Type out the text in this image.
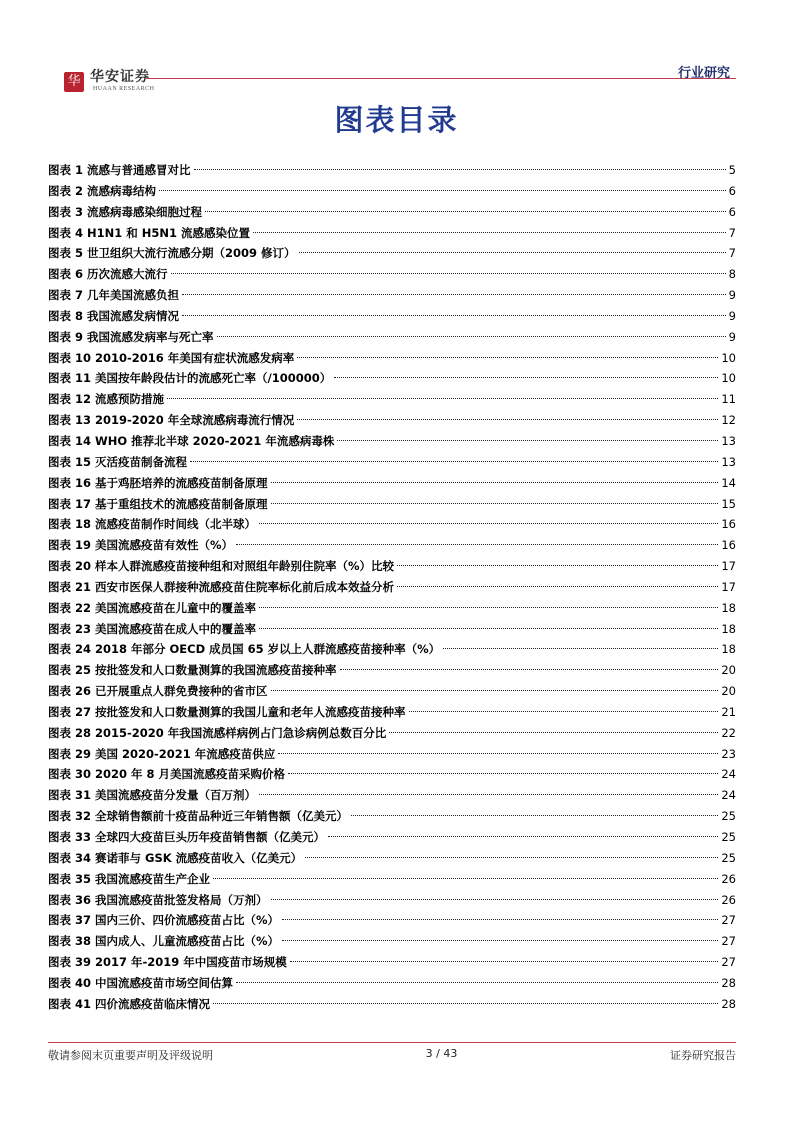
华安
华安证券
HUAAN RESEARCH
行业研究
图表目录
图表 1 流感与普通感冒对比	5
图表 2 流感病毒结构	6
图表 3 流感病毒感染细胞过程	6
图表 4 H1N1 和 H5N1 流感感染位置	7
图表 5 世卫组织大流行流感分期（2009 修订）	7
图表 6 历次流感大流行	8
图表 7 几年美国流感负担	9
图表 8 我国流感发病情况	9
图表 9 我国流感发病率与死亡率	9
图表 10 2010-2016 年美国有症状流感发病率	10
图表 11 美国按年龄段估计的流感死亡率（/100000）	10
图表 12 流感预防措施	11
图表 13 2019-2020 年全球流感病毒流行情况	12
图表 14 WHO 推荐北半球 2020-2021 年流感病毒株	13
图表 15 灭活疫苗制备流程	13
图表 16 基于鸡胚培养的流感疫苗制备原理	14
图表 17 基于重组技术的流感疫苗制备原理	15
图表 18 流感疫苗制作时间线（北半球）	16
图表 19 美国流感疫苗有效性（%）	16
图表 20 样本人群流感疫苗接种组和对照组年龄别住院率（%）比较	17
图表 21 西安市医保人群接种流感疫苗住院率标化前后成本效益分析	17
图表 22 美国流感疫苗在儿童中的覆盖率	18
图表 23 美国流感疫苗在成人中的覆盖率	18
图表 24 2018 年部分 OECD 成员国 65 岁以上人群流感疫苗接种率（%）	18
图表 25 按批签发和人口数量测算的我国流感疫苗接种率	20
图表 26 已开展重点人群免费接种的省市区	20
图表 27 按批签发和人口数量测算的我国儿童和老年人流感疫苗接种率	21
图表 28 2015-2020 年我国流感样病例占门急诊病例总数百分比	22
图表 29 美国 2020-2021 年流感疫苗供应	23
图表 30 2020 年 8 月美国流感疫苗采购价格	24
图表 31 美国流感疫苗分发量（百万剂）	24
图表 32 全球销售额前十疫苗品种近三年销售额（亿美元）	25
图表 33 全球四大疫苗巨头历年疫苗销售额（亿美元）	25
图表 34 赛诺菲与 GSK 流感疫苗收入（亿美元）	25
图表 35 我国流感疫苗生产企业	26
图表 36 我国流感疫苗批签发格局（万剂）	26
图表 37 国内三价、四价流感疫苗占比（%）	27
图表 38 国内成人、儿童流感疫苗占比（%）	27
图表 39 2017 年-2019 年中国疫苗市场规模	27
图表 40 中国流感疫苗市场空间估算	28
图表 41 四价流感疫苗临床情况	28
敬请参阅末页重要声明及评级说明	3 / 43	证券研究报告
